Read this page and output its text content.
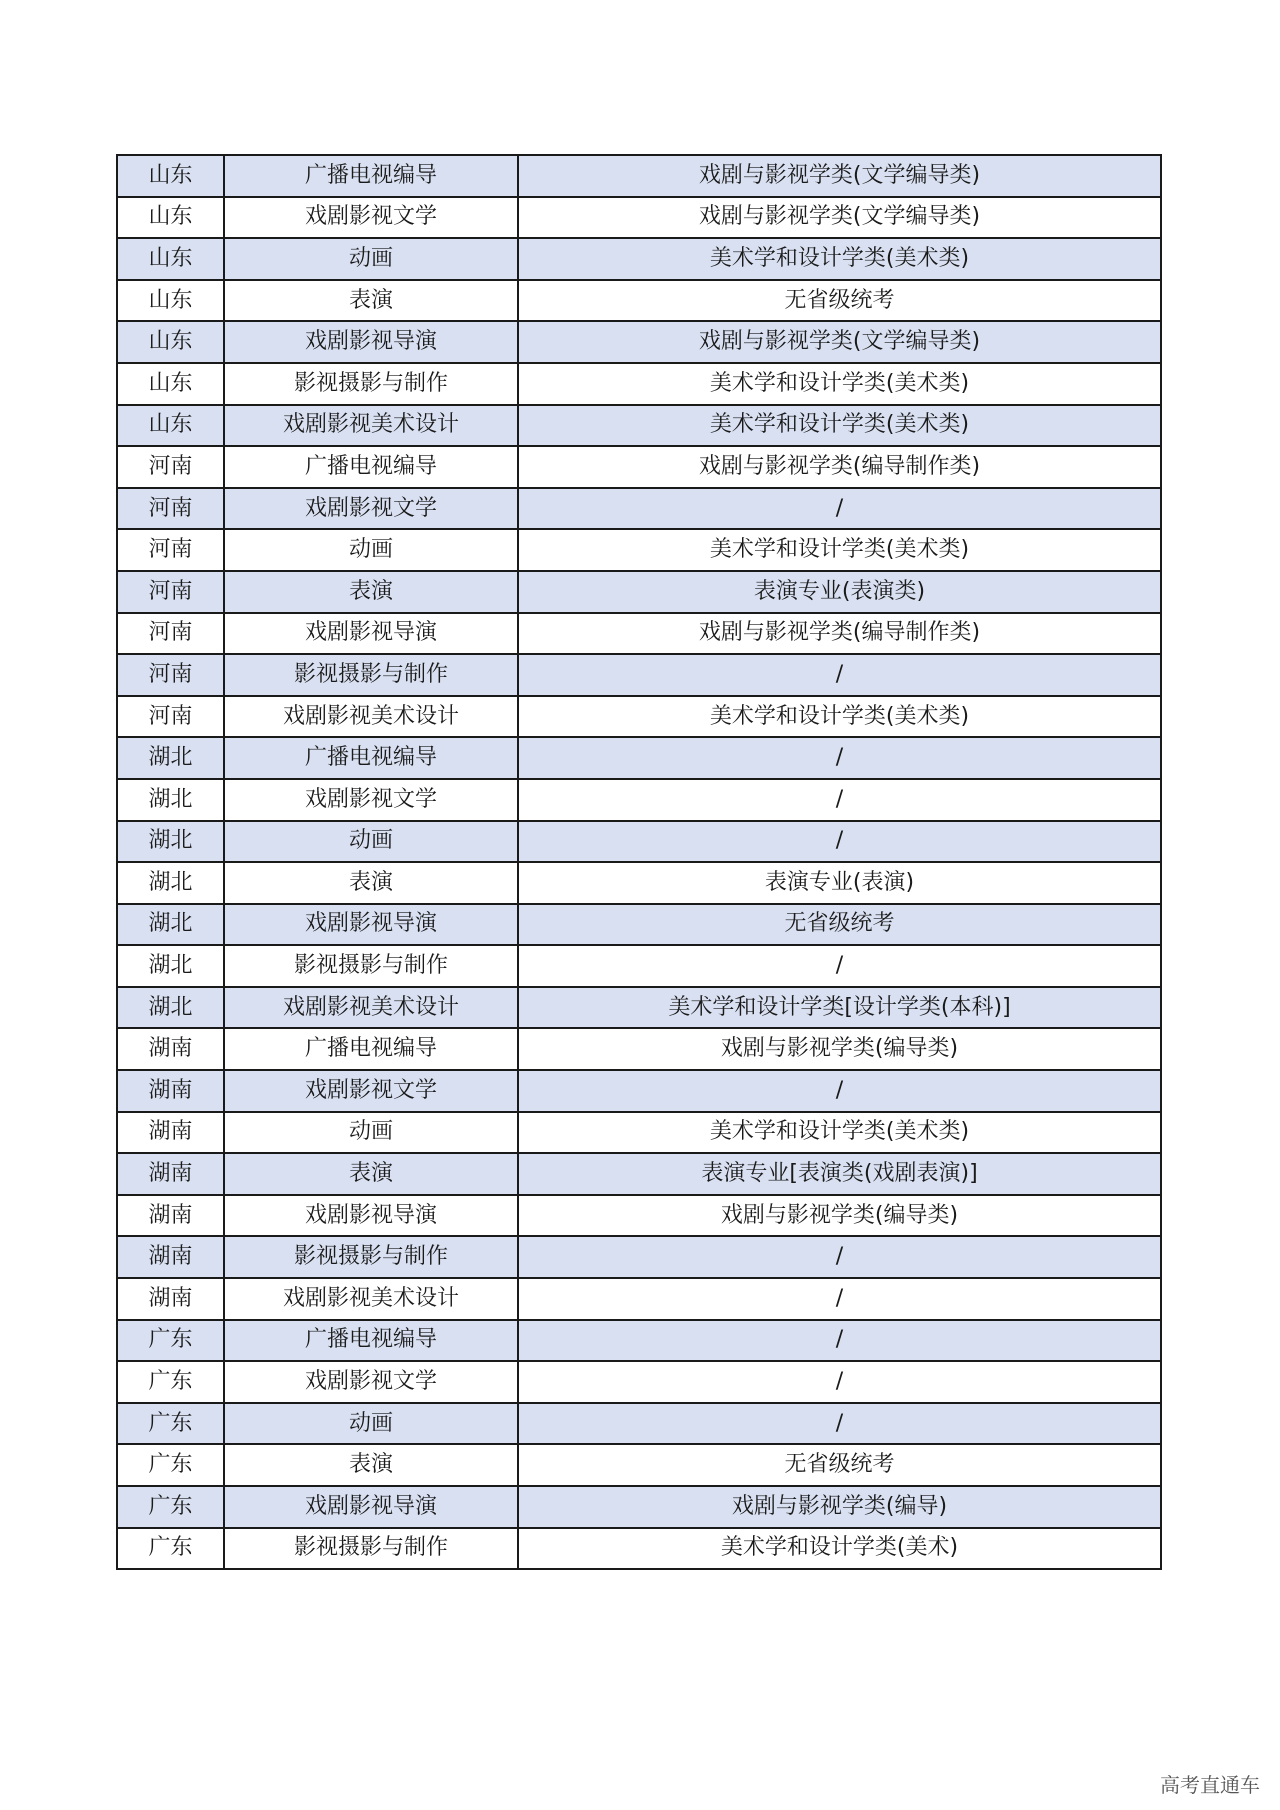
山东	广播电视编导	戏剧与影视学类(文学编导类)
山东	戏剧影视文学	戏剧与影视学类(文学编导类)
山东	动画	美术学和设计学类(美术类)
山东	表演	无省级统考
山东	戏剧影视导演	戏剧与影视学类(文学编导类)
山东	影视摄影与制作	美术学和设计学类(美术类)
山东	戏剧影视美术设计	美术学和设计学类(美术类)
河南	广播电视编导	戏剧与影视学类(编导制作类)
河南	戏剧影视文学	/
河南	动画	美术学和设计学类(美术类)
河南	表演	表演专业(表演类)
河南	戏剧影视导演	戏剧与影视学类(编导制作类)
河南	影视摄影与制作	/
河南	戏剧影视美术设计	美术学和设计学类(美术类)
湖北	广播电视编导	/
湖北	戏剧影视文学	/
湖北	动画	/
湖北	表演	表演专业(表演)
湖北	戏剧影视导演	无省级统考
湖北	影视摄影与制作	/
湖北	戏剧影视美术设计	美术学和设计学类[设计学类(本科)]
湖南	广播电视编导	戏剧与影视学类(编导类)
湖南	戏剧影视文学	/
湖南	动画	美术学和设计学类(美术类)
湖南	表演	表演专业[表演类(戏剧表演)]
湖南	戏剧影视导演	戏剧与影视学类(编导类)
湖南	影视摄影与制作	/
湖南	戏剧影视美术设计	/
广东	广播电视编导	/
广东	戏剧影视文学	/
广东	动画	/
广东	表演	无省级统考
广东	戏剧影视导演	戏剧与影视学类(编导)
广东	影视摄影与制作	美术学和设计学类(美术)
高考直通车
